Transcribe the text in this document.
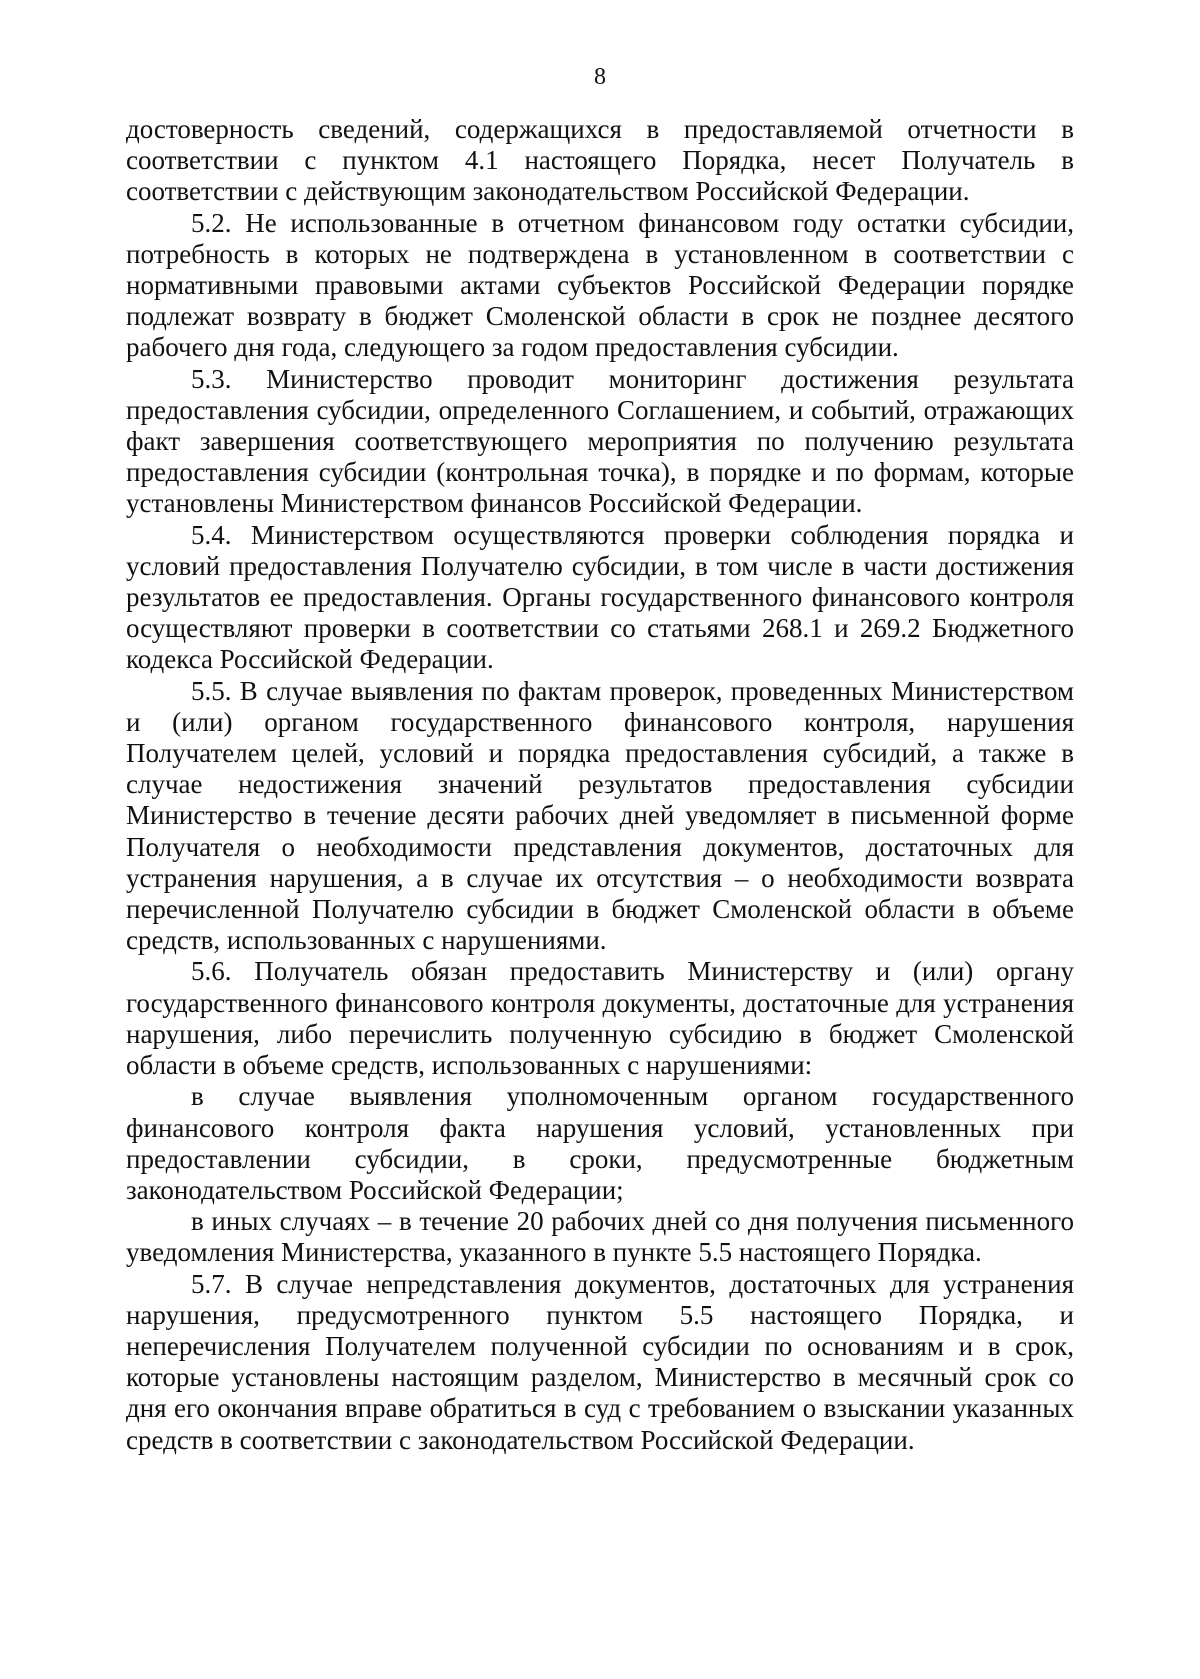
8

достоверность сведений, содержащихся в предоставляемой отчетности в соответствии с пунктом 4.1 настоящего Порядка, несет Получатель в соответствии с действующим законодательством Российской Федерации.

5.2. Не использованные в отчетном финансовом году остатки субсидии, потребность в которых не подтверждена в установленном в соответствии с нормативными правовыми актами субъектов Российской Федерации порядке подлежат возврату в бюджет Смоленской области в срок не позднее десятого рабочего дня года, следующего за годом предоставления субсидии.

5.3. Министерство проводит мониторинг достижения результата предоставления субсидии, определенного Соглашением, и событий, отражающих факт завершения соответствующего мероприятия по получению результата предоставления субсидии (контрольная точка), в порядке и по формам, которые установлены Министерством финансов Российской Федерации.

5.4. Министерством осуществляются проверки соблюдения порядка и условий предоставления Получателю субсидии, в том числе в части достижения результатов ее предоставления. Органы государственного финансового контроля осуществляют проверки в соответствии со статьями 268.1 и 269.2 Бюджетного кодекса Российской Федерации.

5.5. В случае выявления по фактам проверок, проведенных Министерством и (или) органом государственного финансового контроля, нарушения Получателем целей, условий и порядка предоставления субсидий, а также в случае недостижения значений результатов предоставления субсидии Министерство в течение десяти рабочих дней уведомляет в письменной форме Получателя о необходимости представления документов, достаточных для устранения нарушения, а в случае их отсутствия – о необходимости возврата перечисленной Получателю субсидии в бюджет Смоленской области в объеме средств, использованных с нарушениями.

5.6. Получатель обязан предоставить Министерству и (или) органу государственного финансового контроля документы, достаточные для устранения нарушения, либо перечислить полученную субсидию в бюджет Смоленской области в объеме средств, использованных с нарушениями:

в случае выявления уполномоченным органом государственного финансового контроля факта нарушения условий, установленных при предоставлении субсидии, в сроки, предусмотренные бюджетным законодательством Российской Федерации;

в иных случаях – в течение 20 рабочих дней со дня получения письменного уведомления Министерства, указанного в пункте 5.5 настоящего Порядка.

5.7. В случае непредставления документов, достаточных для устранения нарушения, предусмотренного пунктом 5.5 настоящего Порядка, и неперечисления Получателем полученной субсидии по основаниям и в срок, которые установлены настоящим разделом, Министерство в месячный срок со дня его окончания вправе обратиться в суд с требованием о взыскании указанных средств в соответствии с законодательством Российской Федерации.
